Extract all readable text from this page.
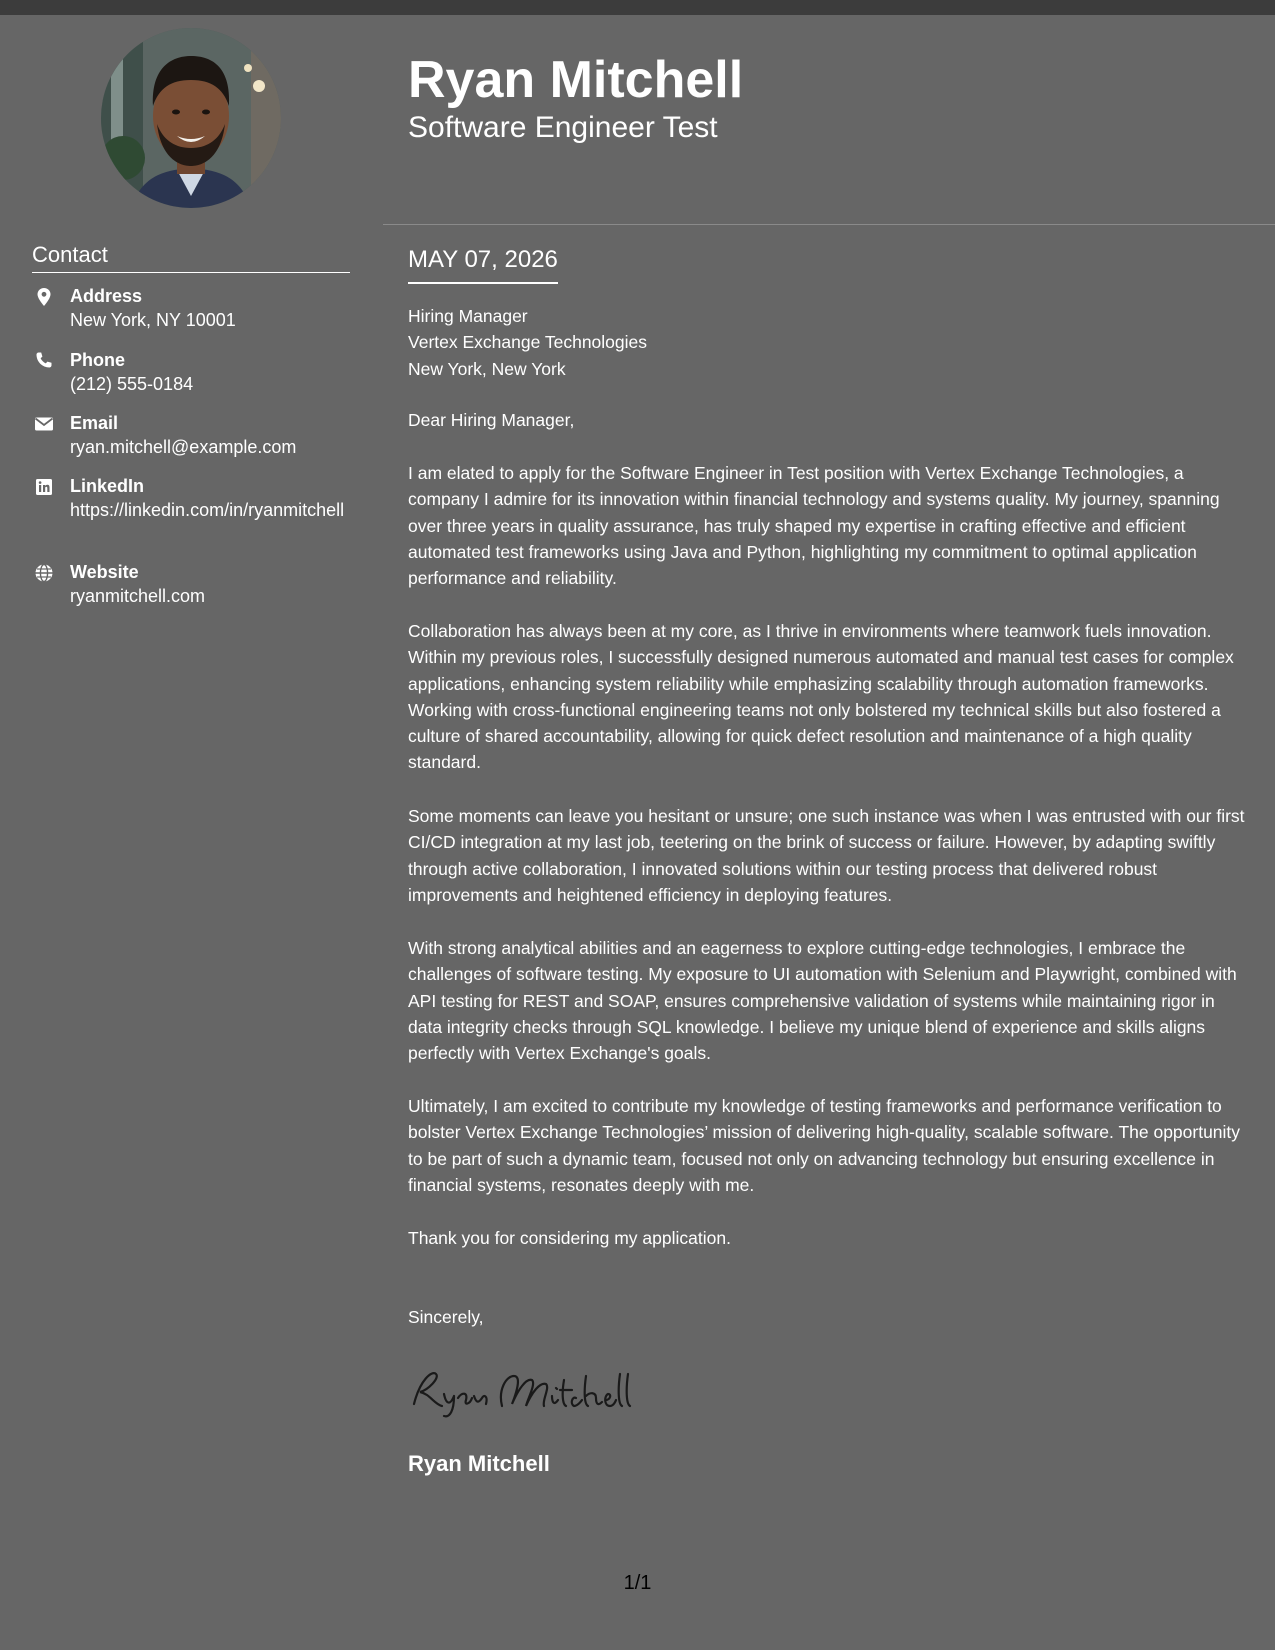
Contact
Address
New York, NY 10001
Phone
(212) 555-0184
Email
ryan.mitchell@example.com
LinkedIn
https://linkedin.com/in/ryanmitchell
Website
ryanmitchell.com
Ryan Mitchell
Software Engineer Test
MAY 07, 2026
Hiring Manager
Vertex Exchange Technologies
New York, New York

Dear Hiring Manager,

I am elated to apply for the Software Engineer in Test position with Vertex Exchange Technologies, a company I admire for its innovation within financial technology and systems quality. My journey, spanning over three years in quality assurance, has truly shaped my expertise in crafting effective and efficient automated test frameworks using Java and Python, highlighting my commitment to optimal application performance and reliability.

Collaboration has always been at my core, as I thrive in environments where teamwork fuels innovation. Within my previous roles, I successfully designed numerous automated and manual test cases for complex applications, enhancing system reliability while emphasizing scalability through automation frameworks. Working with cross-functional engineering teams not only bolstered my technical skills but also fostered a culture of shared accountability, allowing for quick defect resolution and maintenance of a high quality standard.

Some moments can leave you hesitant or unsure; one such instance was when I was entrusted with our first CI/CD integration at my last job, teetering on the brink of success or failure. However, by adapting swiftly through active collaboration, I innovated solutions within our testing process that delivered robust improvements and heightened efficiency in deploying features.

With strong analytical abilities and an eagerness to explore cutting-edge technologies, I embrace the challenges of software testing. My exposure to UI automation with Selenium and Playwright, combined with API testing for REST and SOAP, ensures comprehensive validation of systems while maintaining rigor in data integrity checks through SQL knowledge. I believe my unique blend of experience and skills aligns perfectly with Vertex Exchange's goals.

Ultimately, I am excited to contribute my knowledge of testing frameworks and performance verification to bolster Vertex Exchange Technologies’ mission of delivering high-quality, scalable software. The opportunity to be part of such a dynamic team, focused not only on advancing technology but ensuring excellence in financial systems, resonates deeply with me.

Thank you for considering my application.

Sincerely,

Ryan Mitchell
1/1
